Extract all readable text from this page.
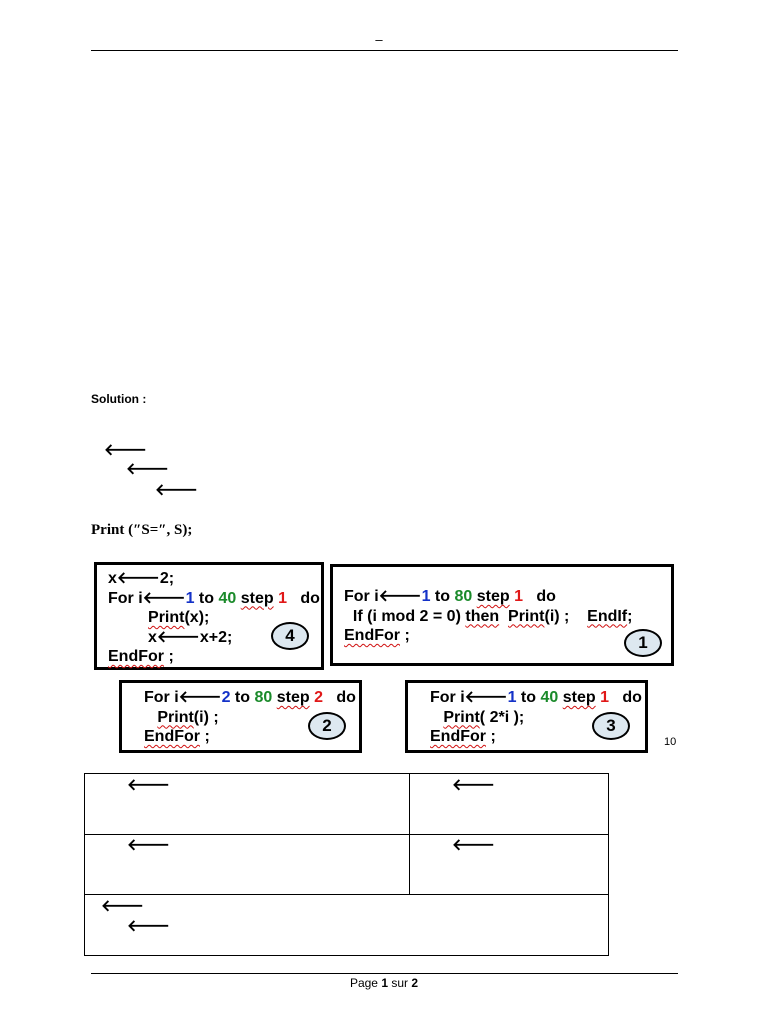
–
Solution :
🡐
🡐
🡐
Print (″S=″, S);
x🡐2;
For i🡐1 to 40 step 1 do
Print(x);
x🡐x+2;
EndFor ;
4
For i🡐1 to 80 step 1 do
If (i mod 2 = 0) then Print(i) ; EndIf;
EndFor ;	1
For i🡐2 to 80 step 2 do
Print(i) ;
EndFor ;
2
For i🡐1 to 40 step 1 do
Print( 2*i );
EndFor ;
3
10
🡐	🡐
🡐	🡐
🡐
🡐
Page 1 sur 2
